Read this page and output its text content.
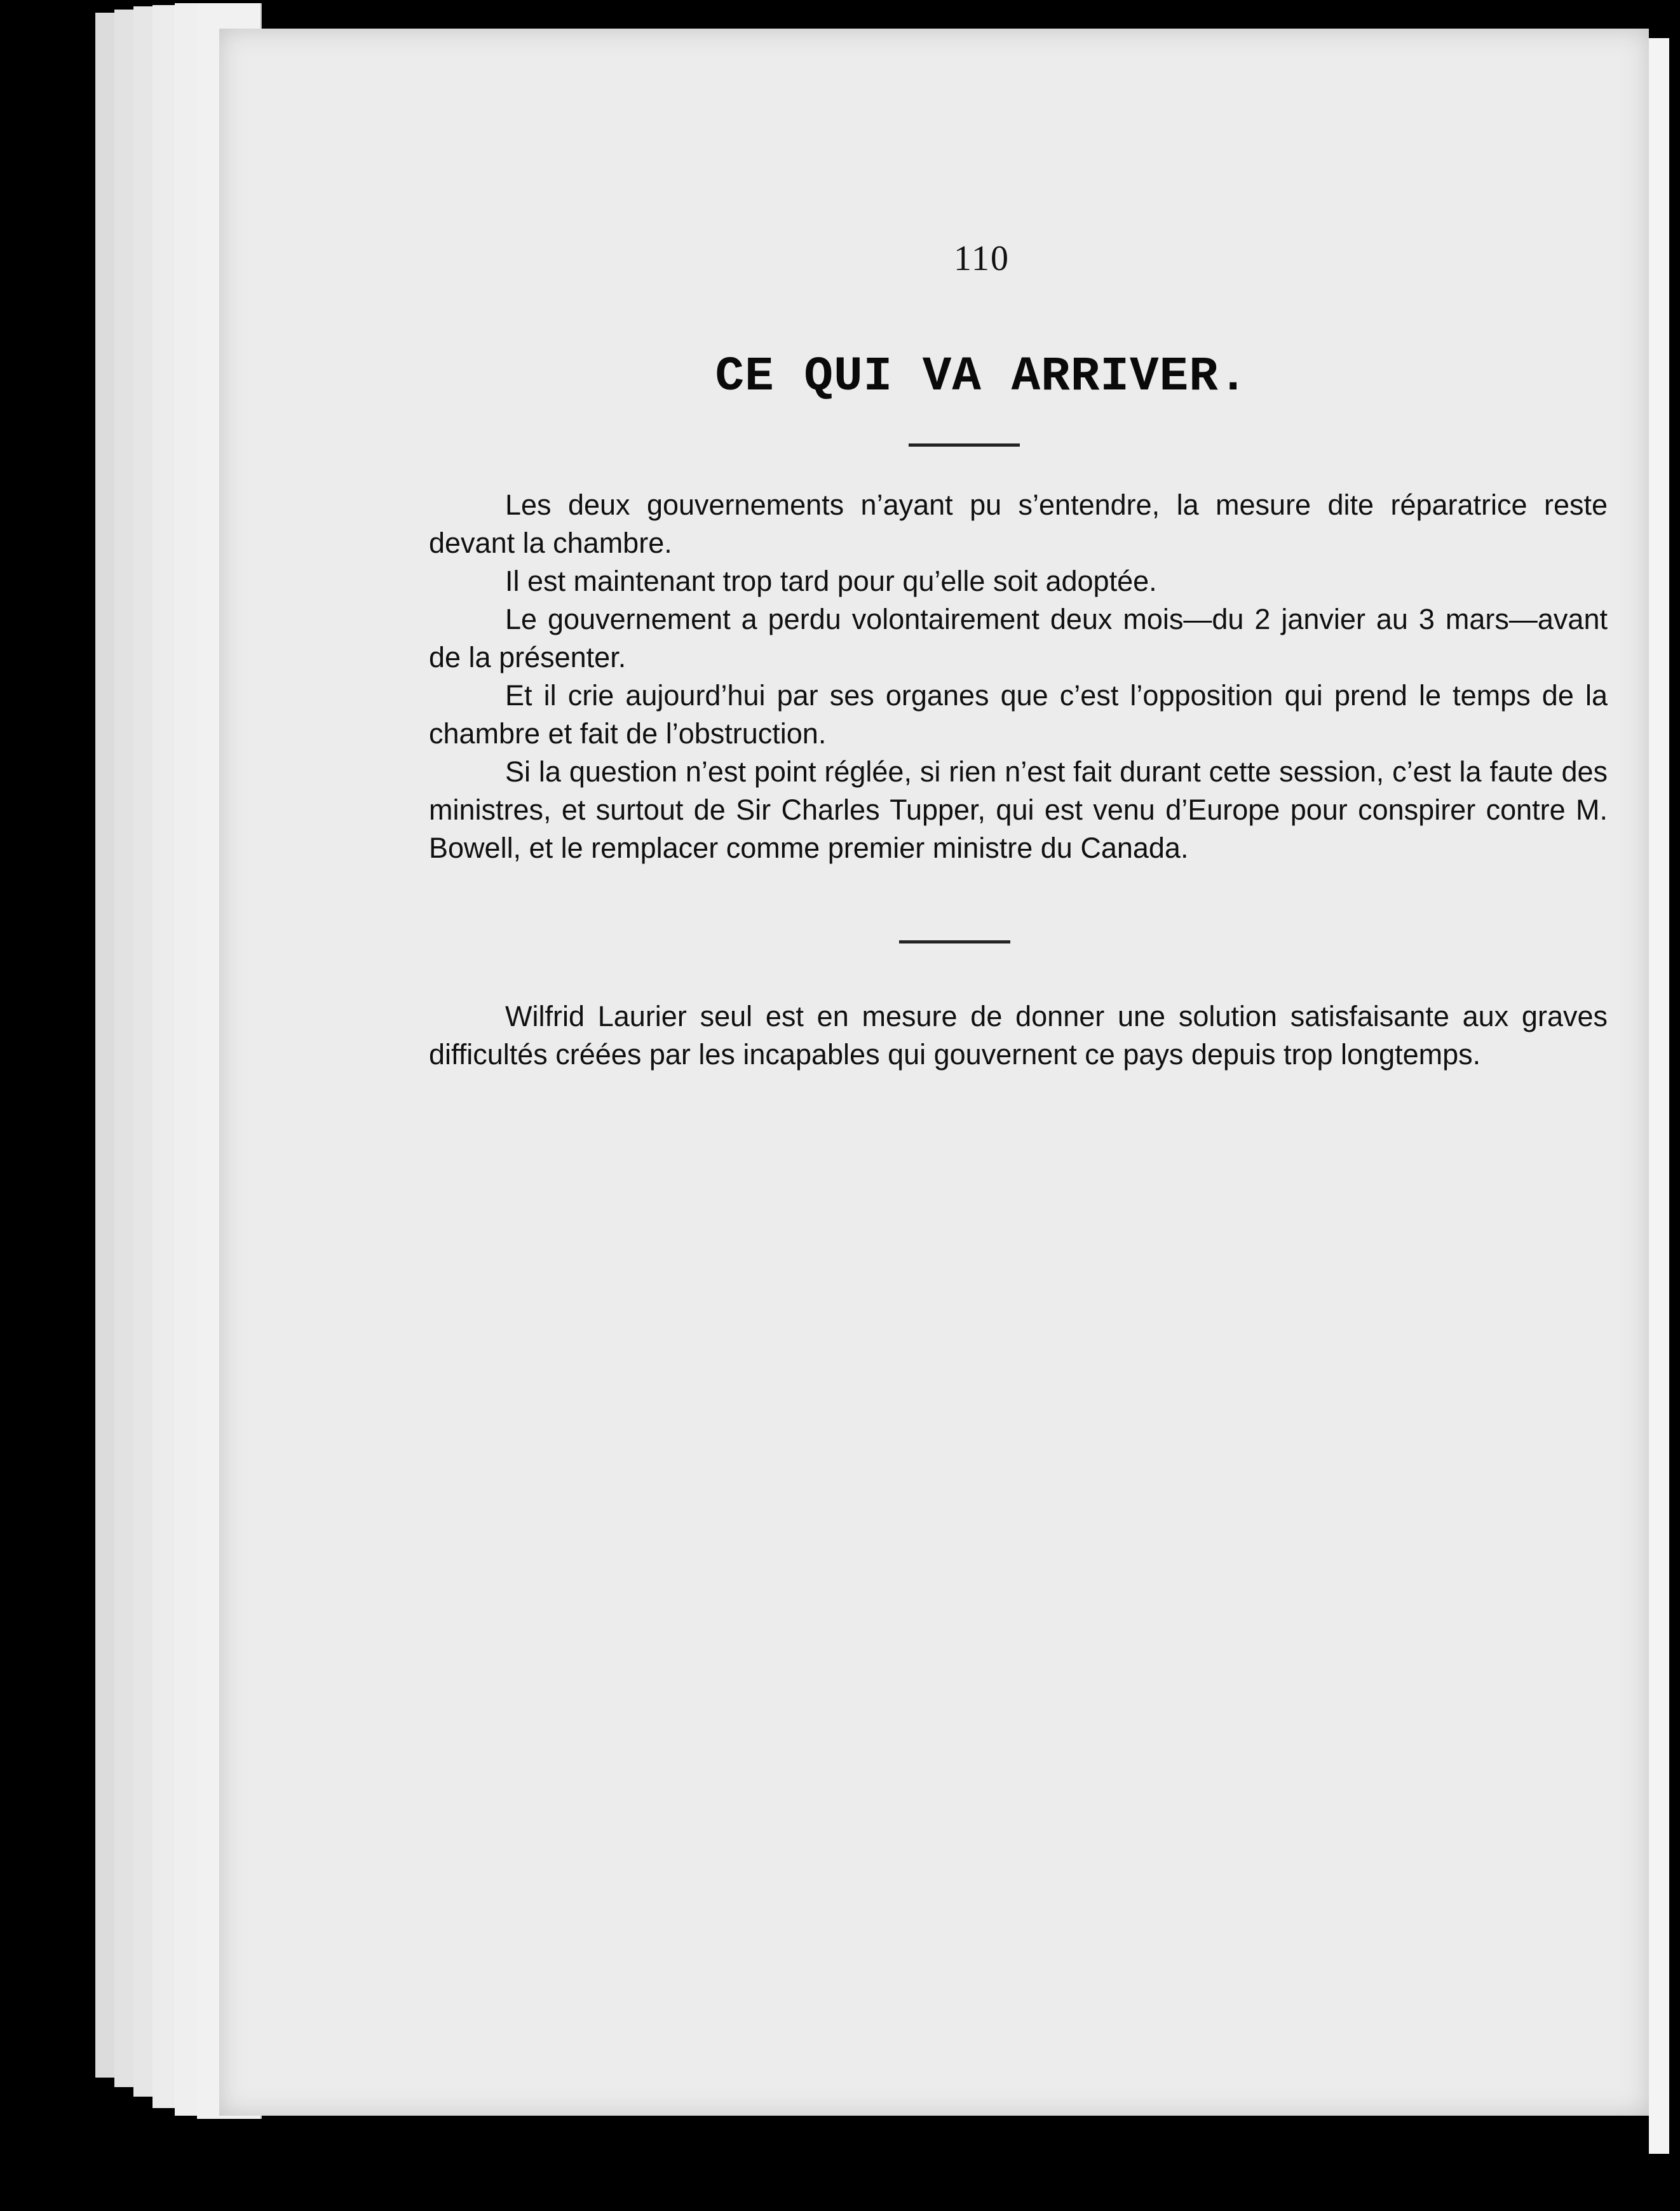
110
CE QUI VA ARRIVER.

Les deux gouvernements n’ayant pu s’entendre, la mesure dite réparatrice reste devant la chambre.

Il est maintenant trop tard pour qu’elle soit adoptée.

Le gouvernement a perdu volontairement deux mois—du 2 janvier au 3 mars—avant de la présenter.

Et il crie aujourd’hui par ses organes que c’est l’opposition qui prend le temps de la chambre et fait de l’obstruction.

Si la question n’est point réglée, si rien n’est fait durant cette session, c’est la faute des ministres, et surtout de Sir Charles Tupper, qui est venu d’Europe pour conspirer contre M. Bowell, et le remplacer comme premier ministre du Canada.

Wilfrid Laurier seul est en mesure de donner une solution satisfaisante aux graves difficultés créées par les incapables qui gouvernent ce pays depuis trop longtemps.
